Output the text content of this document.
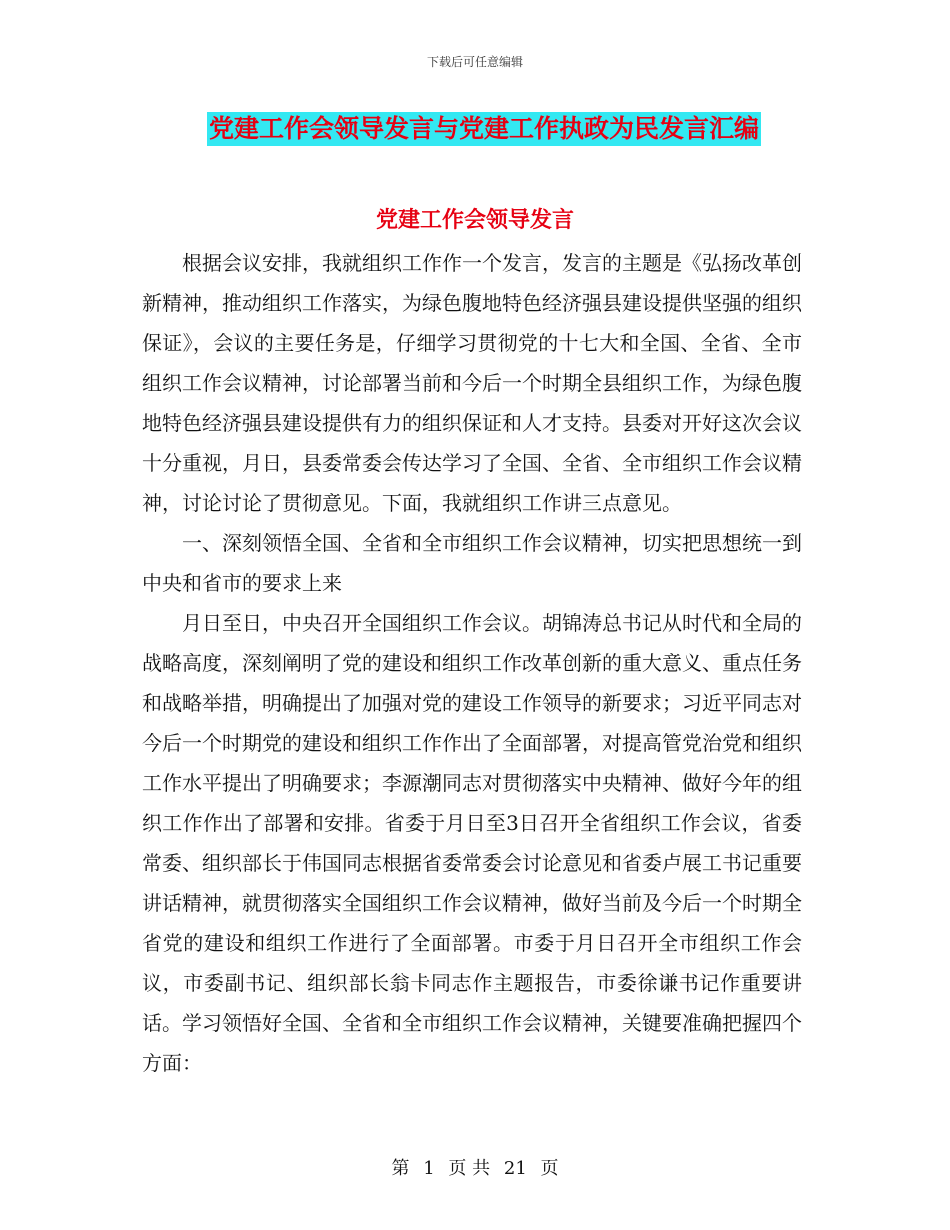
下载后可任意编辑
党建工作会领导发言与党建工作执政为民发言汇编
党建工作会领导发言

根据会议安排，我就组织工作作一个发言，发言的主题是《弘扬改革创新精神，推动组织工作落实，为绿色腹地特色经济强县建设提供坚强的组织保证》，会议的主要任务是，仔细学习贯彻党的十七大和全国、全省、全市组织工作会议精神，讨论部署当前和今后一个时期全县组织工作，为绿色腹地特色经济强县建设提供有力的组织保证和人才支持。县委对开好这次会议十分重视，月日，县委常委会传达学习了全国、全省、全市组织工作会议精神，讨论讨论了贯彻意见。下面，我就组织工作讲三点意见。

一、深刻领悟全国、全省和全市组织工作会议精神，切实把思想统一到中央和省市的要求上来

月日至日，中央召开全国组织工作会议。胡锦涛总书记从时代和全局的战略高度，深刻阐明了党的建设和组织工作改革创新的重大意义、重点任务和战略举措，明确提出了加强对党的建设工作领导的新要求；习近平同志对今后一个时期党的建设和组织工作作出了全面部署，对提高管党治党和组织工作水平提出了明确要求；李源潮同志对贯彻落实中央精神、做好今年的组织工作作出了部署和安排。省委于月日至3日召开全省组织工作会议，省委常委、组织部长于伟国同志根据省委常委会讨论意见和省委卢展工书记重要讲话精神，就贯彻落实全国组织工作会议精神，做好当前及今后一个时期全省党的建设和组织工作进行了全面部署。市委于月日召开全市组织工作会议，市委副书记、组织部长翁卡同志作主题报告，市委徐谦书记作重要讲话。学习领悟好全国、全省和全市组织工作会议精神，关键要准确把握四个方面：

第 1 页 共 21 页
